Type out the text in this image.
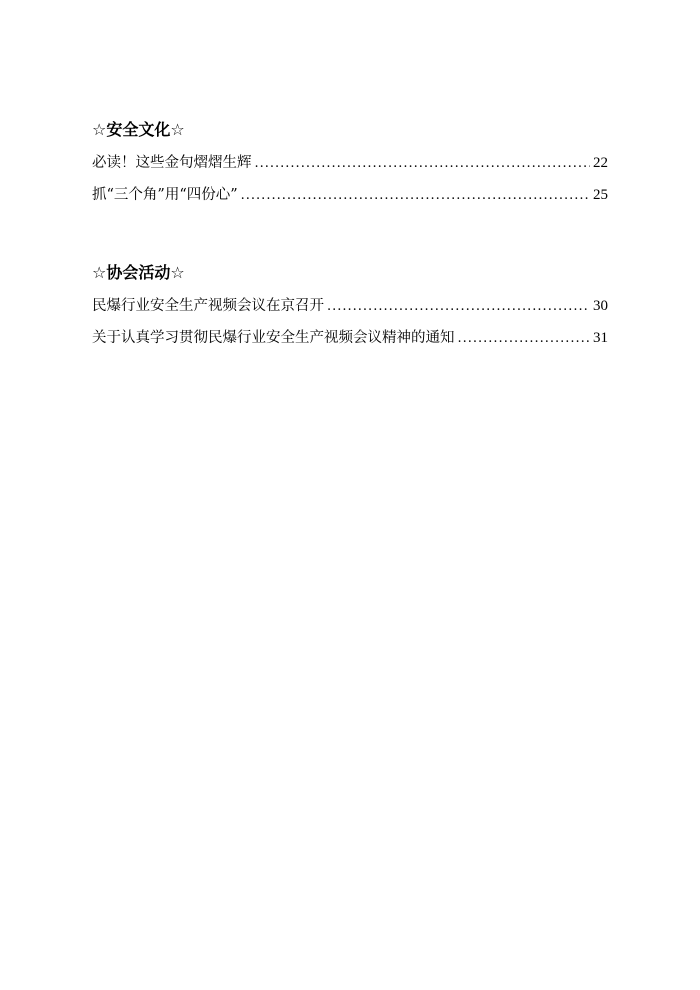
☆安全文化☆
必读！这些金句熠熠生辉 .....	22
抓“三个角”用“四份心” .....	25
☆协会活动☆
民爆行业安全生产视频会议在京召开 .....	30
关于认真学习贯彻民爆行业安全生产视频会议精神的通知 .....	31
